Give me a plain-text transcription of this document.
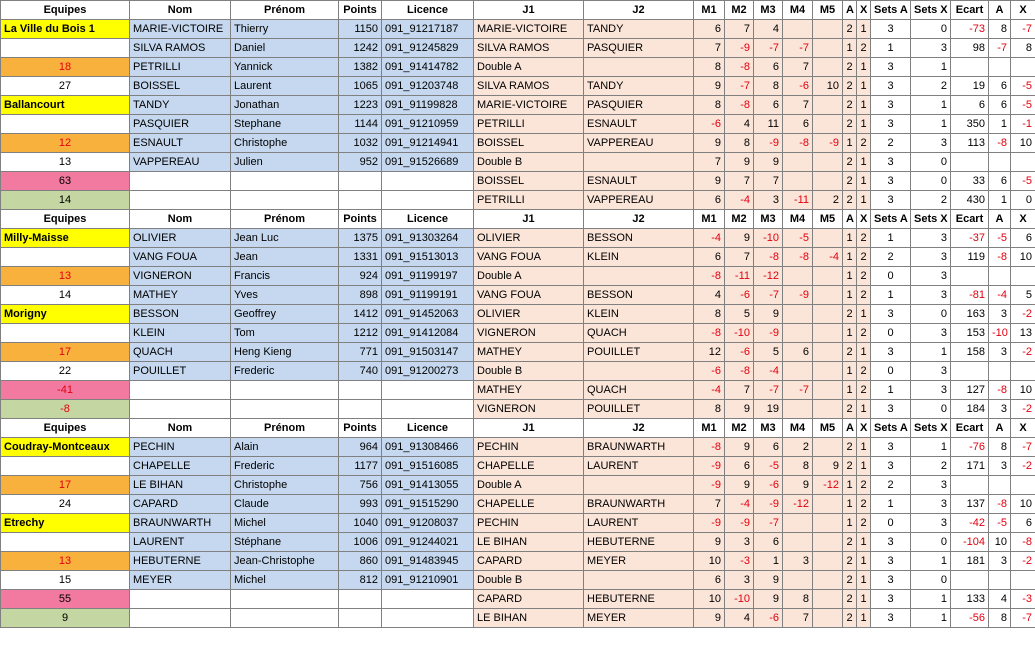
Equipes	Nom	Prénom	Points	Licence	J1	J2	M1	M2	M3	M4	M5	A	X	Sets A	Sets X	Ecart	A	X
La Ville du Bois 1	MARIE-VICTOIRE	Thierry	1150	091_91217187	MARIE-VICTOIRE	TANDY	6	7	4			2	1	3	0	-73	8	-7
	SILVA RAMOS	Daniel	1242	091_91245829	SILVA RAMOS	PASQUIER	7	-9	-7	-7		1	2	1	3	98	-7	8
18	PETRILLI	Yannick	1382	091_91414782	Double A		8	-8	6	7		2	1	3	1			
27	BOISSEL	Laurent	1065	091_91203748	SILVA RAMOS	TANDY	9	-7	8	-6	10	2	1	3	2	19	6	-5
Ballancourt	TANDY	Jonathan	1223	091_91199828	MARIE-VICTOIRE	PASQUIER	8	-8	6	7		2	1	3	1	6	6	-5
	PASQUIER	Stephane	1144	091_91210959	PETRILLI	ESNAULT	-6	4	11	6		2	1	3	1	350	1	-1
12	ESNAULT	Christophe	1032	091_91214941	BOISSEL	VAPPEREAU	9	8	-9	-8	-9	1	2	2	3	113	-8	10
13	VAPPEREAU	Julien	952	091_91526689	Double B		7	9	9			2	1	3	0			
63					BOISSEL	ESNAULT	9	7	7			2	1	3	0	33	6	-5
14					PETRILLI	VAPPEREAU	6	-4	3	-11	2	2	1	3	2	430	1	0
Equipes	Nom	Prénom	Points	Licence	J1	J2	M1	M2	M3	M4	M5	A	X	Sets A	Sets X	Ecart	A	X
Milly-Maisse	OLIVIER	Jean Luc	1375	091_91303264	OLIVIER	BESSON	-4	9	-10	-5		1	2	1	3	-37	-5	6
	VANG FOUA	Jean	1331	091_91513013	VANG FOUA	KLEIN	6	7	-8	-8	-4	1	2	2	3	119	-8	10
13	VIGNERON	Francis	924	091_91199197	Double A		-8	-11	-12			1	2	0	3			
14	MATHEY	Yves	898	091_91199191	VANG FOUA	BESSON	4	-6	-7	-9		1	2	1	3	-81	-4	5
Morigny	BESSON	Geoffrey	1412	091_91452063	OLIVIER	KLEIN	8	5	9			2	1	3	0	163	3	-2
	KLEIN	Tom	1212	091_91412084	VIGNERON	QUACH	-8	-10	-9			1	2	0	3	153	-10	13
17	QUACH	Heng Kieng	771	091_91503147	MATHEY	POUILLET	12	-6	5	6		2	1	3	1	158	3	-2
22	POUILLET	Frederic	740	091_91200273	Double B		-6	-8	-4			1	2	0	3			
-41					MATHEY	QUACH	-4	7	-7	-7		1	2	1	3	127	-8	10
-8					VIGNERON	POUILLET	8	9	19			2	1	3	0	184	3	-2
Equipes	Nom	Prénom	Points	Licence	J1	J2	M1	M2	M3	M4	M5	A	X	Sets A	Sets X	Ecart	A	X
Coudray-Montceaux	PECHIN	Alain	964	091_91308466	PECHIN	BRAUNWARTH	-8	9	6	2		2	1	3	1	-76	8	-7
	CHAPELLE	Frederic	1177	091_91516085	CHAPELLE	LAURENT	-9	6	-5	8	9	2	1	3	2	171	3	-2
17	LE BIHAN	Christophe	756	091_91413055	Double A		-9	9	-6	9	-12	1	2	2	3			
24	CAPARD	Claude	993	091_91515290	CHAPELLE	BRAUNWARTH	7	-4	-9	-12		1	2	1	3	137	-8	10
Etrechy	BRAUNWARTH	Michel	1040	091_91208037	PECHIN	LAURENT	-9	-9	-7			1	2	0	3	-42	-5	6
	LAURENT	Stéphane	1006	091_91244021	LE BIHAN	HEBUTERNE	9	3	6			2	1	3	0	-104	10	-8
13	HEBUTERNE	Jean-Christophe	860	091_91483945	CAPARD	MEYER	10	-3	1	3		2	1	3	1	181	3	-2
15	MEYER	Michel	812	091_91210901	Double B		6	3	9			2	1	3	0			
55					CAPARD	HEBUTERNE	10	-10	9	8		2	1	3	1	133	4	-3
9					LE BIHAN	MEYER	9	4	-6	7		2	1	3	1	-56	8	-7
